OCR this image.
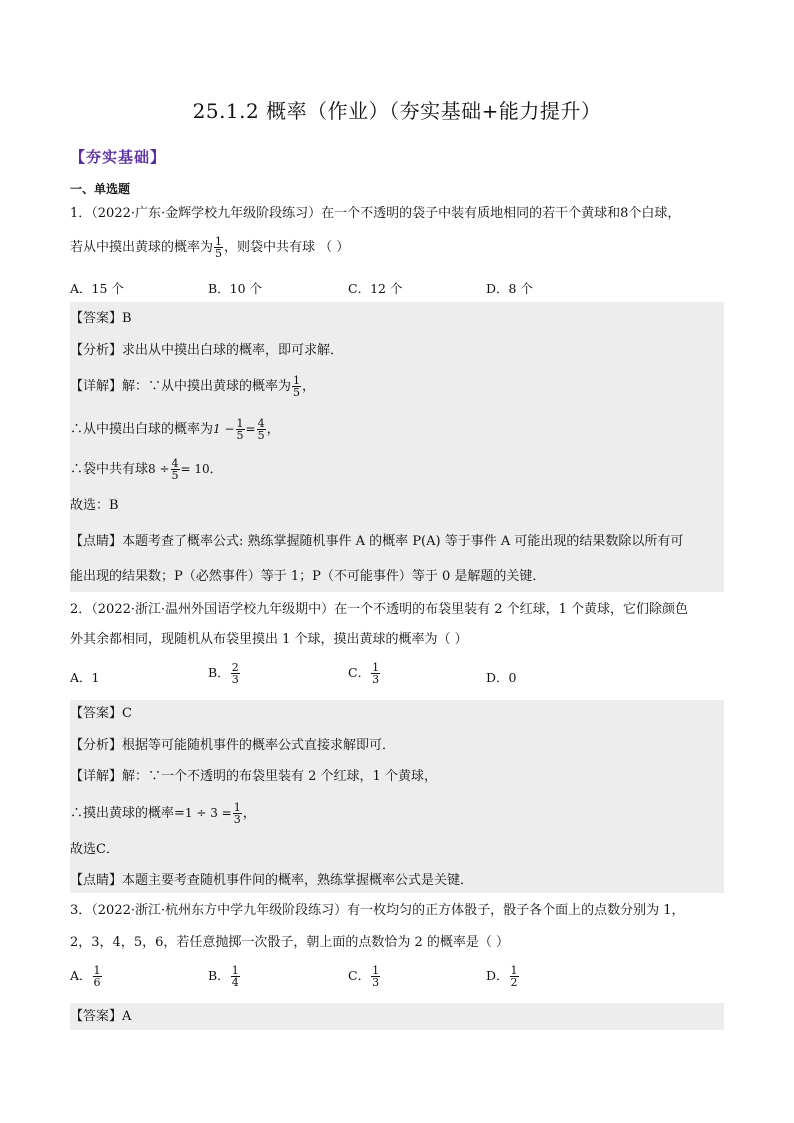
25.1.2 概率（作业）（夯实基础+能力提升）
【夯实基础】
一、单选题
1．（2022·广东·金辉学校九年级阶段练习）在一个不透明的袋子中装有质地相同的若干个黄球和8个白球，
若从中摸出黄球的概率为 $\frac{1}{5}$ ，则袋中共有球 （ ）
A．15 个	B．10 个	C．12 个	D．8 个
【答案】B
【分析】求出从中摸出白球的概率，即可求解．
【详解】解：∵从中摸出黄球的概率为 $\frac{1}{5}$ ，
∴从中摸出白球的概率为$1 - \frac{1}{5} = \frac{4}{5}$ ，
∴袋中共有球$8 \div \frac{4}{5} = 10$．
故选：B
【点睛】本题考查了概率公式: 熟练掌握随机事件 A 的概率 P(A) 等于事件 A 可能出现的结果数除以所有可
能出现的结果数；P（必然事件）等于 1；P（不可能事件）等于 0 是解题的关键．
2．（2022·浙江·温州外国语学校九年级期中）在一个不透明的布袋里装有 2 个红球，1 个黄球，它们除颜色
外其余都相同，现随机从布袋里摸出 1 个球，摸出黄球的概率为（ ）
A．1	B． $\frac{2}{3}$	C． $\frac{1}{3}$	D．0
【答案】C
【分析】根据等可能随机事件的概率公式直接求解即可．
【详解】解：∵一个不透明的布袋里装有 2 个红球，1 个黄球，
∴摸出黄球的概率$=1 \div 3 = \frac{1}{3}$ ，
故选C．
【点睛】本题主要考查随机事件间的概率，熟练掌握概率公式是关键．
3．（2022·浙江·杭州东方中学九年级阶段练习）有一枚均匀的正方体骰子，骰子各个面上的点数分别为 1，
2，3，4，5，6，若任意抛掷一次骰子，朝上面的点数恰为 2 的概率是（ ）
A． $\frac{1}{6}$	B． $\frac{1}{4}$	C． $\frac{1}{3}$	D． $\frac{1}{2}$
【答案】A
